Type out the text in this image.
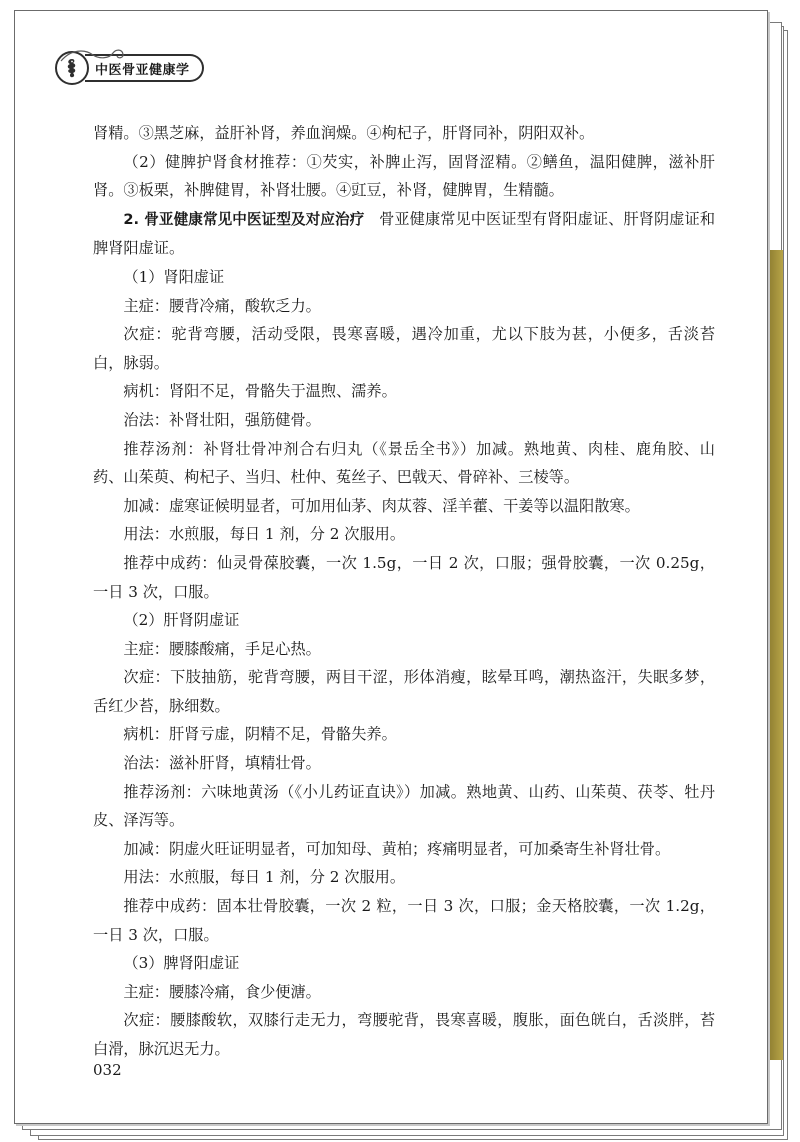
中医骨亚健康学

肾精。③黑芝麻，益肝补肾，养血润燥。④枸杞子，肝肾同补，阴阳双补。

（2）健脾护肾食材推荐：①芡实，补脾止泻，固肾涩精。②鳝鱼，温阳健脾，滋补肝肾。③板栗，补脾健胃，补肾壮腰。④豇豆，补肾，健脾胃，生精髓。

2. 骨亚健康常见中医证型及对应治疗 骨亚健康常见中医证型有肾阳虚证、肝肾阴虚证和脾肾阳虚证。

（1）肾阳虚证

主症：腰背冷痛，酸软乏力。

次症：驼背弯腰，活动受限，畏寒喜暖，遇冷加重，尤以下肢为甚，小便多，舌淡苔白，脉弱。

病机：肾阳不足，骨骼失于温煦、濡养。

治法：补肾壮阳，强筋健骨。

推荐汤剂：补肾壮骨冲剂合右归丸（《景岳全书》）加减。熟地黄、肉桂、鹿角胶、山药、山茱萸、枸杞子、当归、杜仲、菟丝子、巴戟天、骨碎补、三棱等。

加减：虚寒证候明显者，可加用仙茅、肉苁蓉、淫羊藿、干姜等以温阳散寒。

用法：水煎服，每日 1 剂，分 2 次服用。

推荐中成药：仙灵骨葆胶囊，一次 1.5g，一日 2 次，口服；强骨胶囊，一次 0.25g，一日 3 次，口服。

（2）肝肾阴虚证

主症：腰膝酸痛，手足心热。

次症：下肢抽筋，驼背弯腰，两目干涩，形体消瘦，眩晕耳鸣，潮热盗汗，失眠多梦，舌红少苔，脉细数。

病机：肝肾亏虚，阴精不足，骨骼失养。

治法：滋补肝肾，填精壮骨。

推荐汤剂：六味地黄汤（《小儿药证直诀》）加减。熟地黄、山药、山茱萸、茯苓、牡丹皮、泽泻等。

加减：阴虚火旺证明显者，可加知母、黄柏；疼痛明显者，可加桑寄生补肾壮骨。

用法：水煎服，每日 1 剂，分 2 次服用。

推荐中成药：固本壮骨胶囊，一次 2 粒，一日 3 次，口服；金天格胶囊，一次 1.2g，一日 3 次，口服。

（3）脾肾阳虚证

主症：腰膝冷痛，食少便溏。

次症：腰膝酸软，双膝行走无力，弯腰驼背，畏寒喜暖，腹胀，面色㿠白，舌淡胖，苔白滑，脉沉迟无力。

032
